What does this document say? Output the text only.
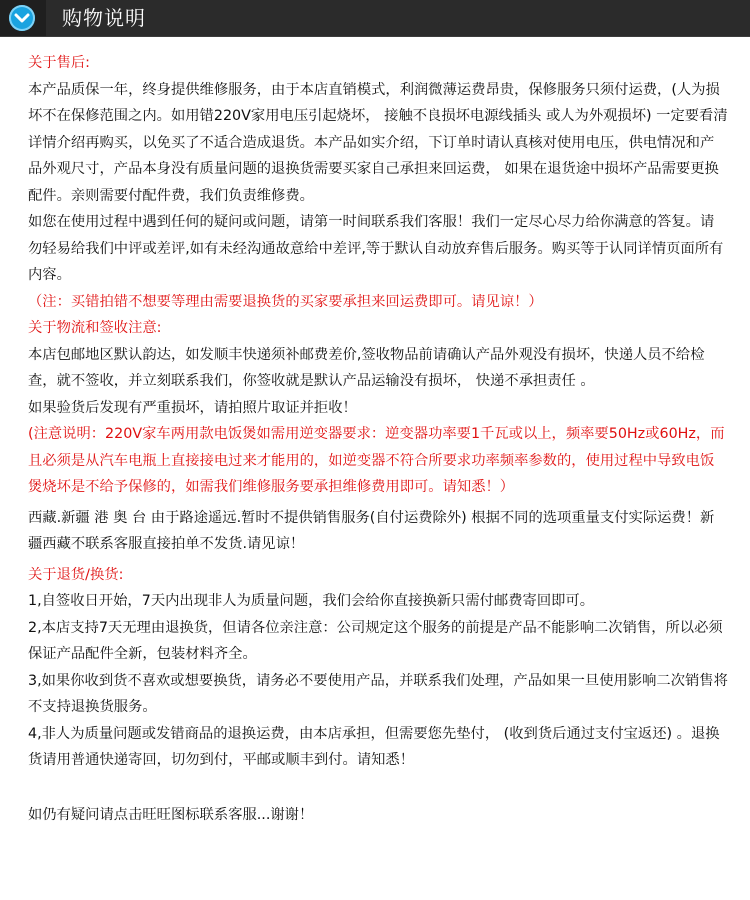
购物说明

关于售后:

本产品质保一年，终身提供维修服务，由于本店直销模式，利润微薄运费昂贵，保修服务只须付运费，(人为损坏不在保修范围之内。如用错220V家用电压引起烧坏， 接触不良损坏电源线插头 或人为外观损坏) 一定要看清详情介绍再购买，以免买了不适合造成退货。本产品如实介绍，下订单时请认真核对使用电压，供电情况和产品外观尺寸，产品本身没有质量问题的退换货需要买家自己承担来回运费， 如果在退货途中损坏产品需要更换配件。亲则需要付配件费，我们负责维修费。

如您在使用过程中遇到任何的疑问或问题，请第一时间联系我们客服！我们一定尽心尽力给你满意的答复。请勿轻易给我们中评或差评,如有未经沟通故意给中差评,等于默认自动放弃售后服务。购买等于认同详情页面所有内容。

（注：买错拍错不想要等理由需要退换货的买家要承担来回运费即可。请见谅！）

关于物流和签收注意:

本店包邮地区默认韵达，如发顺丰快递须补邮费差价,签收物品前请确认产品外观没有损坏，快递人员不给检查，就不签收，并立刻联系我们，你签收就是默认产品运输没有损坏， 快递不承担责任 。

如果验货后发现有严重损坏，请拍照片取证并拒收！

(注意说明：220V家车两用款电饭煲如需用逆变器要求：逆变器功率要1千瓦或以上，频率要50Hz或60Hz，而且必须是从汽车电瓶上直接接电过来才能用的，如逆变器不符合所要求功率频率参数的，使用过程中导致电饭煲烧坏是不给予保修的，如需我们维修服务要承担维修费用即可。请知悉！）

西藏.新疆 港 奥 台 由于路途遥远.暂时不提供销售服务(自付运费除外) 根据不同的选项重量支付实际运费！新疆西藏不联系客服直接拍单不发货.请见谅！

关于退货/换货:

1,自签收日开始，7天内出现非人为质量问题，我们会给你直接换新只需付邮费寄回即可。

2,本店支持7天无理由退换货，但请各位亲注意：公司规定这个服务的前提是产品不能影响二次销售，所以必须保证产品配件全新，包装材料齐全。

3,如果你收到货不喜欢或想要换货，请务必不要使用产品，并联系我们处理，产品如果一旦使用影响二次销售将不支持退换货服务。

4,非人为质量问题或发错商品的退换运费，由本店承担，但需要您先垫付， (收到货后通过支付宝返还) 。退换货请用普通快递寄回，切勿到付，平邮或顺丰到付。请知悉！

如仍有疑问请点击旺旺图标联系客服...谢谢！
